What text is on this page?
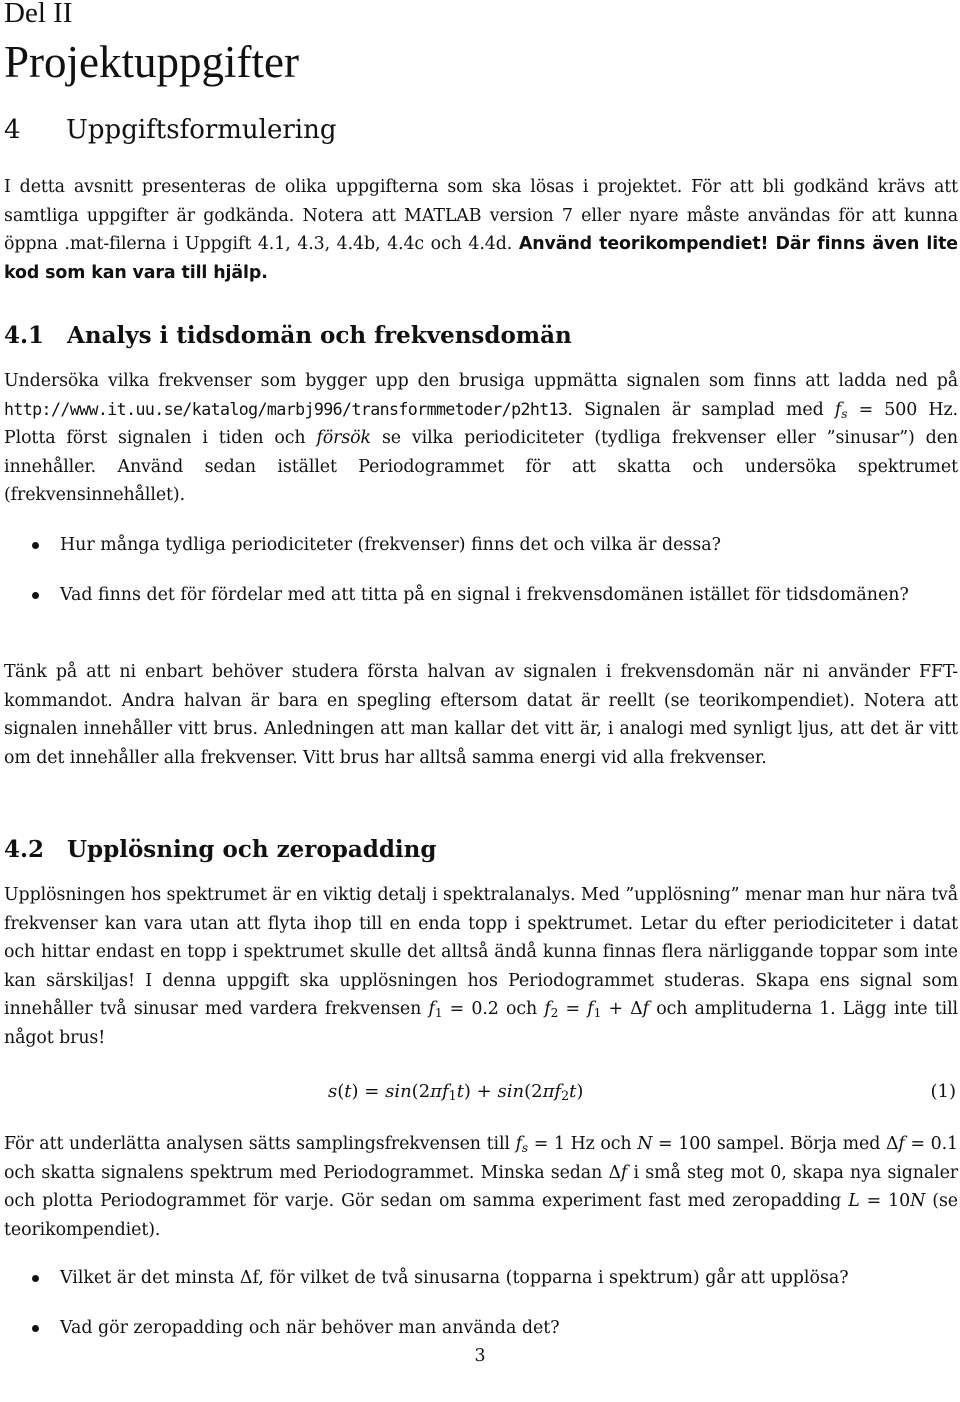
Del II
Projektuppgifter
4 Uppgiftsformulering

I detta avsnitt presenteras de olika uppgifterna som ska lösas i projektet. För att bli godkänd krävs att samtliga uppgifter är godkända. Notera att MATLAB version 7 eller nyare måste användas för att kunna öppna .mat-filerna i Uppgift 4.1, 4.3, 4.4b, 4.4c och 4.4d. Använd teorikompendiet! Där finns även lite kod som kan vara till hjälp.

4.1 Analys i tidsdomän och frekvensdomän

Undersöka vilka frekvenser som bygger upp den brusiga uppmätta signalen som finns att ladda ned på http://www.it.uu.se/katalog/marbj996/transformmetoder/p2ht13. Signalen är samplad med $f_s = 500$ Hz. Plotta först signalen i tiden och försök se vilka periodiciteter (tydliga frekvenser eller ”sinusar”) den innehåller. Använd sedan istället Periodogrammet för att skatta och undersöka spektrumet (frekvensinnehållet).

Hur många tydliga periodiciteter (frekvenser) finns det och vilka är dessa?
Vad finns det för fördelar med att titta på en signal i frekvensdomänen istället för tidsdomänen?

Tänk på att ni enbart behöver studera första halvan av signalen i frekvensdomän när ni använder FFT-kommandot. Andra halvan är bara en spegling eftersom datat är reellt (se teorikompendiet). Notera att signalen innehåller vitt brus. Anledningen att man kallar det vitt är, i analogi med synligt ljus, att det är vitt om det innehåller alla frekvenser. Vitt brus har alltså samma energi vid alla frekvenser.

4.2 Upplösning och zeropadding

Upplösningen hos spektrumet är en viktig detalj i spektralanalys. Med ”upplösning” menar man hur nära två frekvenser kan vara utan att flyta ihop till en enda topp i spektrumet. Letar du efter periodiciteter i datat och hittar endast en topp i spektrumet skulle det alltså ändå kunna finnas flera närliggande toppar som inte kan särskiljas! I denna uppgift ska upplösningen hos Periodogrammet studeras. Skapa ens signal som innehåller två sinusar med vardera frekvensen $f_1 = 0.2$ och $f_2 = f_1 + \Delta f$ och amplituderna 1. Lägg inte till något brus!

$s(t) = \sin(2\pi f_1t) + \sin(2\pi f_2t)$	(1)

För att underlätta analysen sätts samplingsfrekvensen till $f_s = 1$ Hz och N = 100 sampel. Börja med Δf = 0.1 och skatta signalens spektrum med Periodogrammet. Minska sedan Δf i små steg mot 0, skapa nya signaler och plotta Periodogrammet för varje. Gör sedan om samma experiment fast med zeropadding L = 10N (se teorikompendiet).

Vilket är det minsta Δf, för vilket de två sinusarna (topparna i spektrum) går att upplösa?
Vad gör zeropadding och när behöver man använda det?
3
